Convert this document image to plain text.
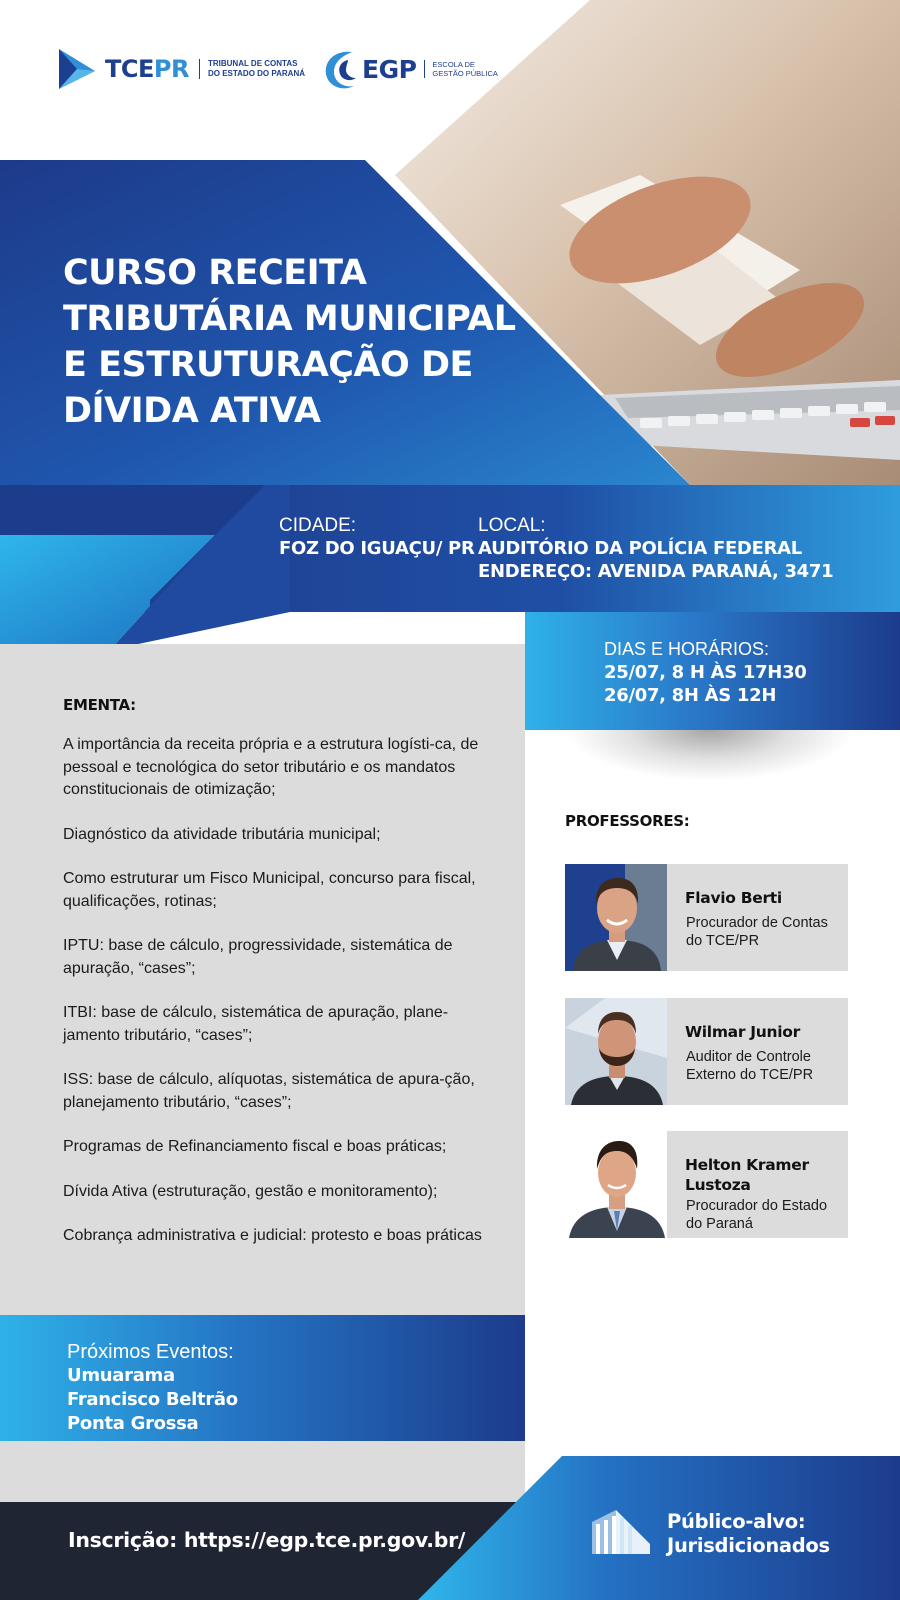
TCEPR	TRIBUNAL DE CONTAS
DO ESTADO DO PARANÁ EGP	ESCOLA DE
GESTÃO PÚBLICA
CURSO RECEITA
TRIBUTÁRIA MUNICIPAL
E ESTRUTURAÇÃO DE
DÍVIDA ATIVA
CIDADE:
FOZ DO IGUAÇU/ PR
LOCAL:
AUDITÓRIO DA POLÍCIA FEDERAL
ENDEREÇO: AVENIDA PARANÁ, 3471
DIAS E HORÁRIOS:
25/07, 8 H ÀS 17H30
26/07, 8H ÀS 12H
EMENTA:
A importância da receita própria e a estrutura logísti-ca, de pessoal e tecnológica do setor tributário e os mandatos constitucionais de otimização;
Diagnóstico da atividade tributária municipal;
Como estruturar um Fisco Municipal, concurso para fiscal, qualificações, rotinas;
IPTU: base de cálculo, progressividade, sistemática de apuração, “cases”;
ITBI: base de cálculo, sistemática de apuração, plane-jamento tributário, “cases”;
ISS: base de cálculo, alíquotas, sistemática de apura-ção, planejamento tributário, “cases”;
Programas de Refinanciamento fiscal e boas práticas;
Dívida Ativa (estruturação, gestão e monitoramento);
Cobrança administrativa e judicial: protesto e boas práticas
Próximos Eventos:
Umuarama
Francisco Beltrão
Ponta Grossa
PROFESSORES:
Flavio Berti
Procurador de Contas do TCE/PR
Wilmar Junior
Auditor de Controle Externo do TCE/PR
Helton Kramer Lustoza
Procurador do Estado do Paraná
Inscrição: https://egp.tce.pr.gov.br/
Público-alvo:
Jurisdicionados
